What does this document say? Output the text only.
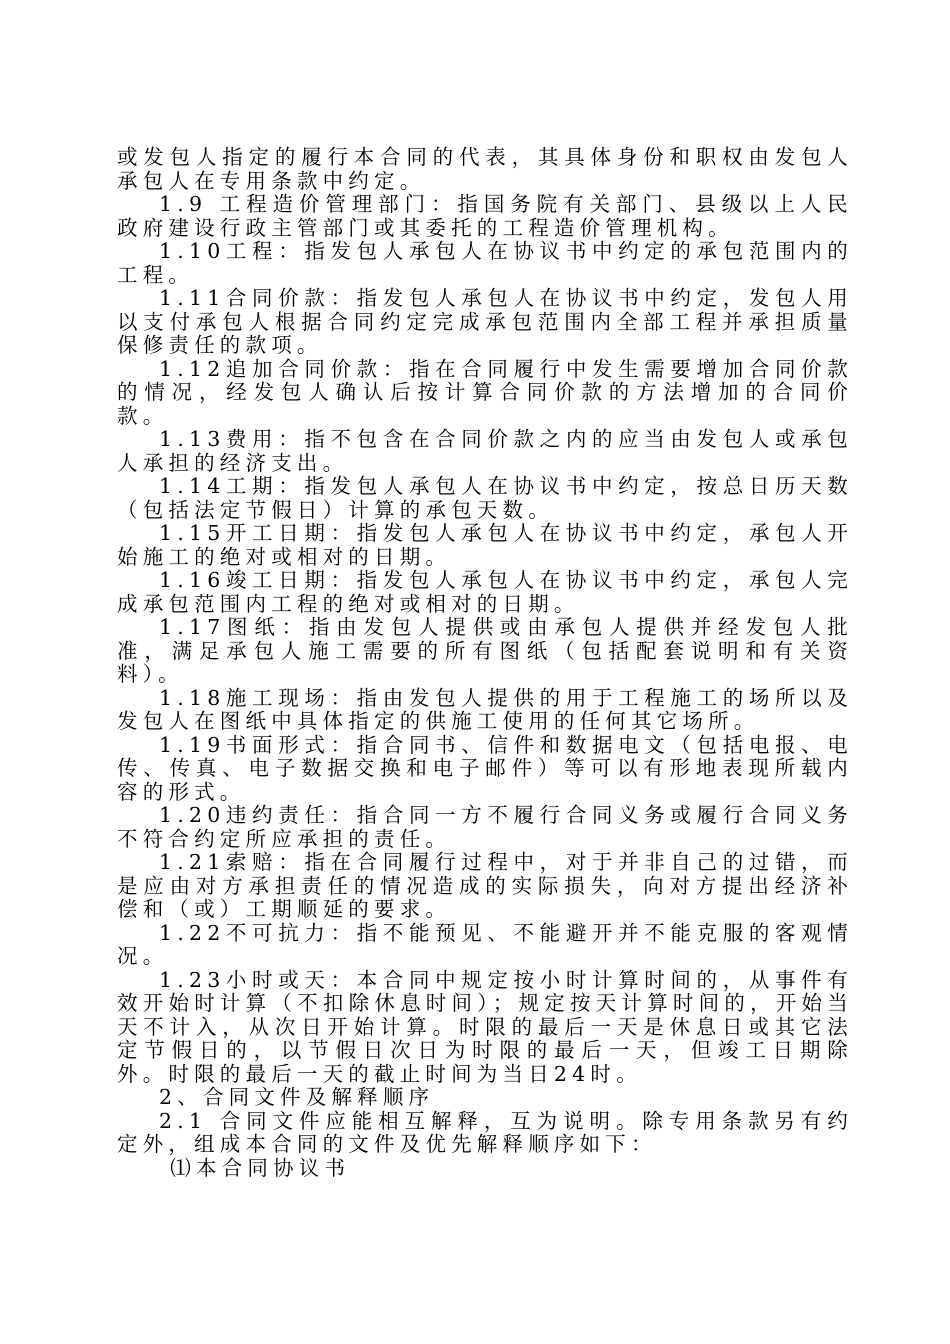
或发包人指定的履行本合同的代表，其具体身份和职权由发包人承包人在专用条款中约定。

1.9 工程造价管理部门：指国务院有关部门、县级以上人民政府建设行政主管部门或其委托的工程造价管理机构。

1.10工程：指发包人承包人在协议书中约定的承包范围内的工程。

1.11合同价款：指发包人承包人在协议书中约定，发包人用以支付承包人根据合同约定完成承包范围内全部工程并承担质量保修责任的款项。

1.12追加合同价款：指在合同履行中发生需要增加合同价款的情况，经发包人确认后按计算合同价款的方法增加的合同价款。

1.13费用：指不包含在合同价款之内的应当由发包人或承包人承担的经济支出。

1.14工期：指发包人承包人在协议书中约定，按总日历天数（包括法定节假日）计算的承包天数。

1.15开工日期：指发包人承包人在协议书中约定，承包人开始施工的绝对或相对的日期。

1.16竣工日期：指发包人承包人在协议书中约定，承包人完成承包范围内工程的绝对或相对的日期。

1.17图纸：指由发包人提供或由承包人提供并经发包人批准，满足承包人施工需要的所有图纸（包括配套说明和有关资料）。

1.18施工现场：指由发包人提供的用于工程施工的场所以及发包人在图纸中具体指定的供施工使用的任何其它场所。

1.19书面形式：指合同书、信件和数据电文（包括电报、电传、传真、电子数据交换和电子邮件）等可以有形地表现所载内容的形式。

1.20违约责任：指合同一方不履行合同义务或履行合同义务不符合约定所应承担的责任。

1.21索赔：指在合同履行过程中，对于并非自己的过错，而是应由对方承担责任的情况造成的实际损失，向对方提出经济补偿和（或）工期顺延的要求。

1.22不可抗力：指不能预见、不能避开并不能克服的客观情况。

1.23小时或天：本合同中规定按小时计算时间的，从事件有效开始时计算（不扣除休息时间）；规定按天计算时间的，开始当天不计入，从次日开始计算。时限的最后一天是休息日或其它法定节假日的，以节假日次日为时限的最后一天，但竣工日期除外。时限的最后一天的截止时间为当日24时。

2、合同文件及解释顺序

2.1 合同文件应能相互解释，互为说明。除专用条款另有约定外，组成本合同的文件及优先解释顺序如下：

⑴本合同协议书
